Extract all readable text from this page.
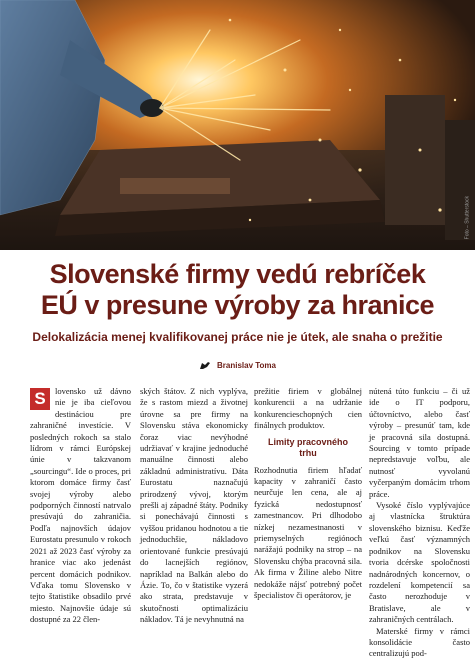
Foto – Shutterstock
Slovenské firmy vedú rebríček
EÚ v presune výroby za hranice

Delokalizácia menej kvalifikovanej práce nie je útek, ale snaha o prežitie

Branislav Toma
S	lovensko už dávno nie je iba cieľovou destináciou pre zahraničné investície. V posledných rokoch sa stalo lídrom v rámci Európskej únie v takzvanom „sourcingu“. Ide o proces, pri ktorom domáce firmy časť svojej výroby alebo podporných činností natrvalo presúvajú do zahraničia. Podľa najnovších údajov Eurostatu presunulo v rokoch 2021 až 2023 časť výroby za hranice viac ako jedenást percent domácich podnikov. Vďaka tomu Slovensko v tejto štatistike obsadilo prvé miesto. Najnovšie údaje sú dostupné za 22 člen-

ských štátov. Z nich vyplýva, že s rastom miezd a životnej úrovne sa pre firmy na Slovensku stáva ekonomicky čoraz viac nevýhodné udržiavať v krajine jednoduché manuálne činnosti alebo základnú administratívu. Dáta Eurostatu naznačujú prirodzený vývoj, ktorým prešli aj západné štáty. Podniky si ponechávajú činnosti s vyššou pridanou hodnotou a tie jednoduchšie, nákladovo orientované funkcie presúvajú do lacnejších regiónov, napríklad na Balkán alebo do Ázie. To, čo v štatistike vyzerá ako strata, predstavuje v skutočnosti optimalizáciu nákladov. Tá je nevyhnutná na

prežitie firiem v globálnej konkurencii a na udržanie konkurencieschopných cien finálnych produktov.

Limity pracovného
trhu

Rozhodnutia firiem hľadať kapacity v zahraničí často neurčuje len cena, ale aj fyzická nedostupnosť zamestnancov. Pri dlhodobo nízkej nezamestnanosti v priemyselných regiónoch narážajú podniky na strop – na Slovensku chýba pracovná sila. Ak firma v Žiline alebo Nitre nedokáže nájsť potrebný počet špecialistov či operátorov, je

nútená túto funkciu – či už ide o IT podporu, účtovníctvo, alebo časť výroby – presunúť tam, kde je pracovná sila dostupná. Sourcing v tomto prípade nepredstavuje voľbu, ale nutnosť vyvolanú vyčerpaným domácim trhom práce.

Vysoké číslo vyplývajúce aj vlastnícka štruktúra slovenského biznisu. Keďže veľkú časť významných podnikov na Slovensku tvoria dcérske spoločnosti nadnárodných koncernov, o rozdelení kompetencií sa často nerozhoduje v Bratislave, ale v zahraničných centrálach.

Materské firmy v rámci konsolidácie často centralizujú pod-
